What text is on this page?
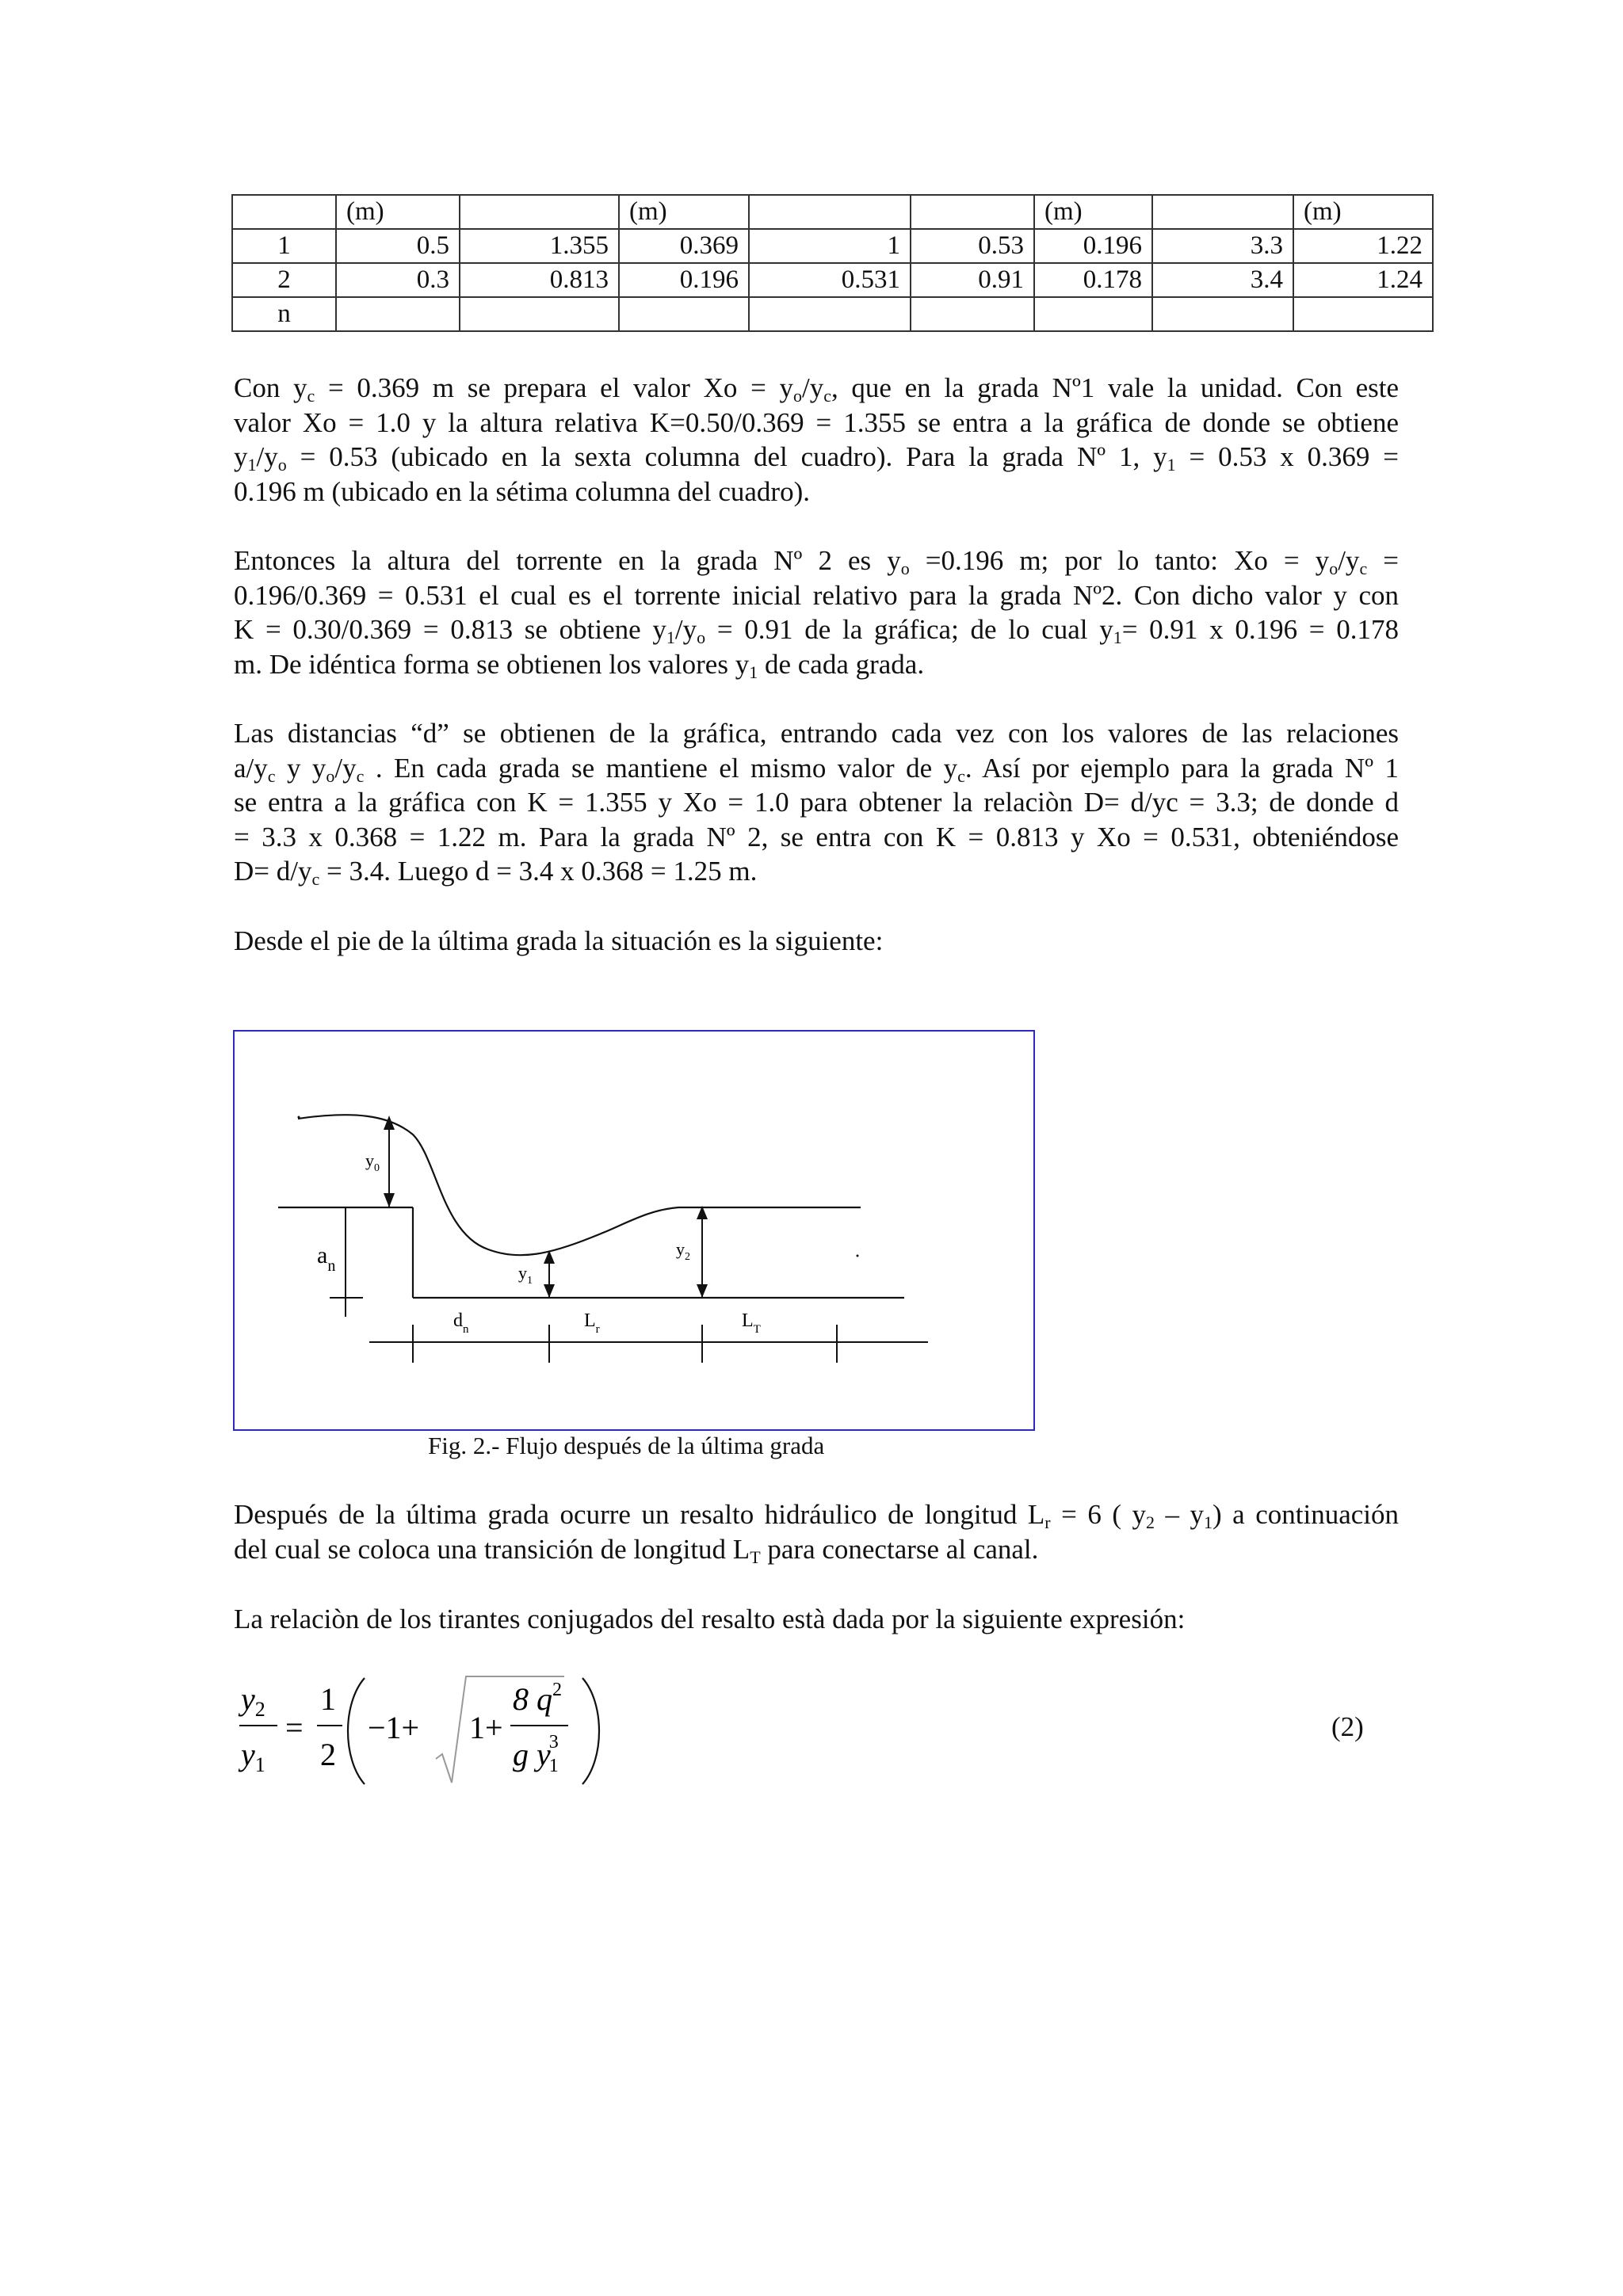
	(m)		(m)			(m)		(m)
1	0.5	1.355	0.369	1	0.53	0.196	3.3	1.22
2	0.3	0.813	0.196	0.531	0.91	0.178	3.4	1.24
n								
Con $y_c = 0.369$ m se prepara el valor $Xo = y_o/y_c$, que en la grada Nº1 vale la unidad. Con este
valor Xo = 1.0 y la altura relativa K=0.50/0.369 = 1.355 se entra a la gráfica de donde se obtiene
$y_1/y_o = 0.53$ (ubicado en la sexta columna del cuadro). Para la grada Nº 1, $y_1 = 0.53$ x 0.369 =
0.196 m (ubicado en la sétima columna del cuadro).
Entonces la altura del torrente en la grada Nº 2 es $y_o =0.196$ m; por lo tanto: $Xo = y_o/y_c$ =
0.196/0.369 = 0.531 el cual es el torrente inicial relativo para la grada Nº2. Con dicho valor y con
K = 0.30/0.369 = 0.813 se obtiene $y_1/y_o = 0.91$ de la gráfica; de lo cual $y_1= 0.91$ x 0.196 = 0.178
m. De idéntica forma se obtienen los valores $y_1$ de cada grada.
Las distancias “d” se obtienen de la gráfica, entrando cada vez con los valores de las relaciones
$a/y_c$ y $y_o/y_c$ . En cada grada se mantiene el mismo valor de $y_c$. Así por ejemplo para la grada Nº 1
se entra a la gráfica con K = 1.355 y Xo = 1.0 para obtener la relaciòn D= d/yc = 3.3; de donde d
= 3.3 x 0.368 = 1.22 m. Para la grada Nº 2, se entra con K = 0.813 y Xo = 0.531, obteniéndose
$D= d/y_c = 3.4$. Luego d = 3.4 x 0.368 = 1.25 m.
Desde el pie de la última grada la situación es la siguiente:
$y_0$
$a_n$	$y_1$
$y_2$
$d_n$	$L_r$	$L_T$
Fig. 2.- Flujo después de la última grada
Después de la última grada ocurre un resalto hidráulico de longitud $L_r = 6$ ( $y_2 - y_1$) a continuación
del cual se coloca una transición de longitud $L_T$ para conectarse al canal.
La relaciòn de los tirantes conjugados del resalto està dada por la siguiente expresión:
$y_2$
$y_1$
=
1
2
−1+ 1+
8 $q^2$
g y13	(2)
